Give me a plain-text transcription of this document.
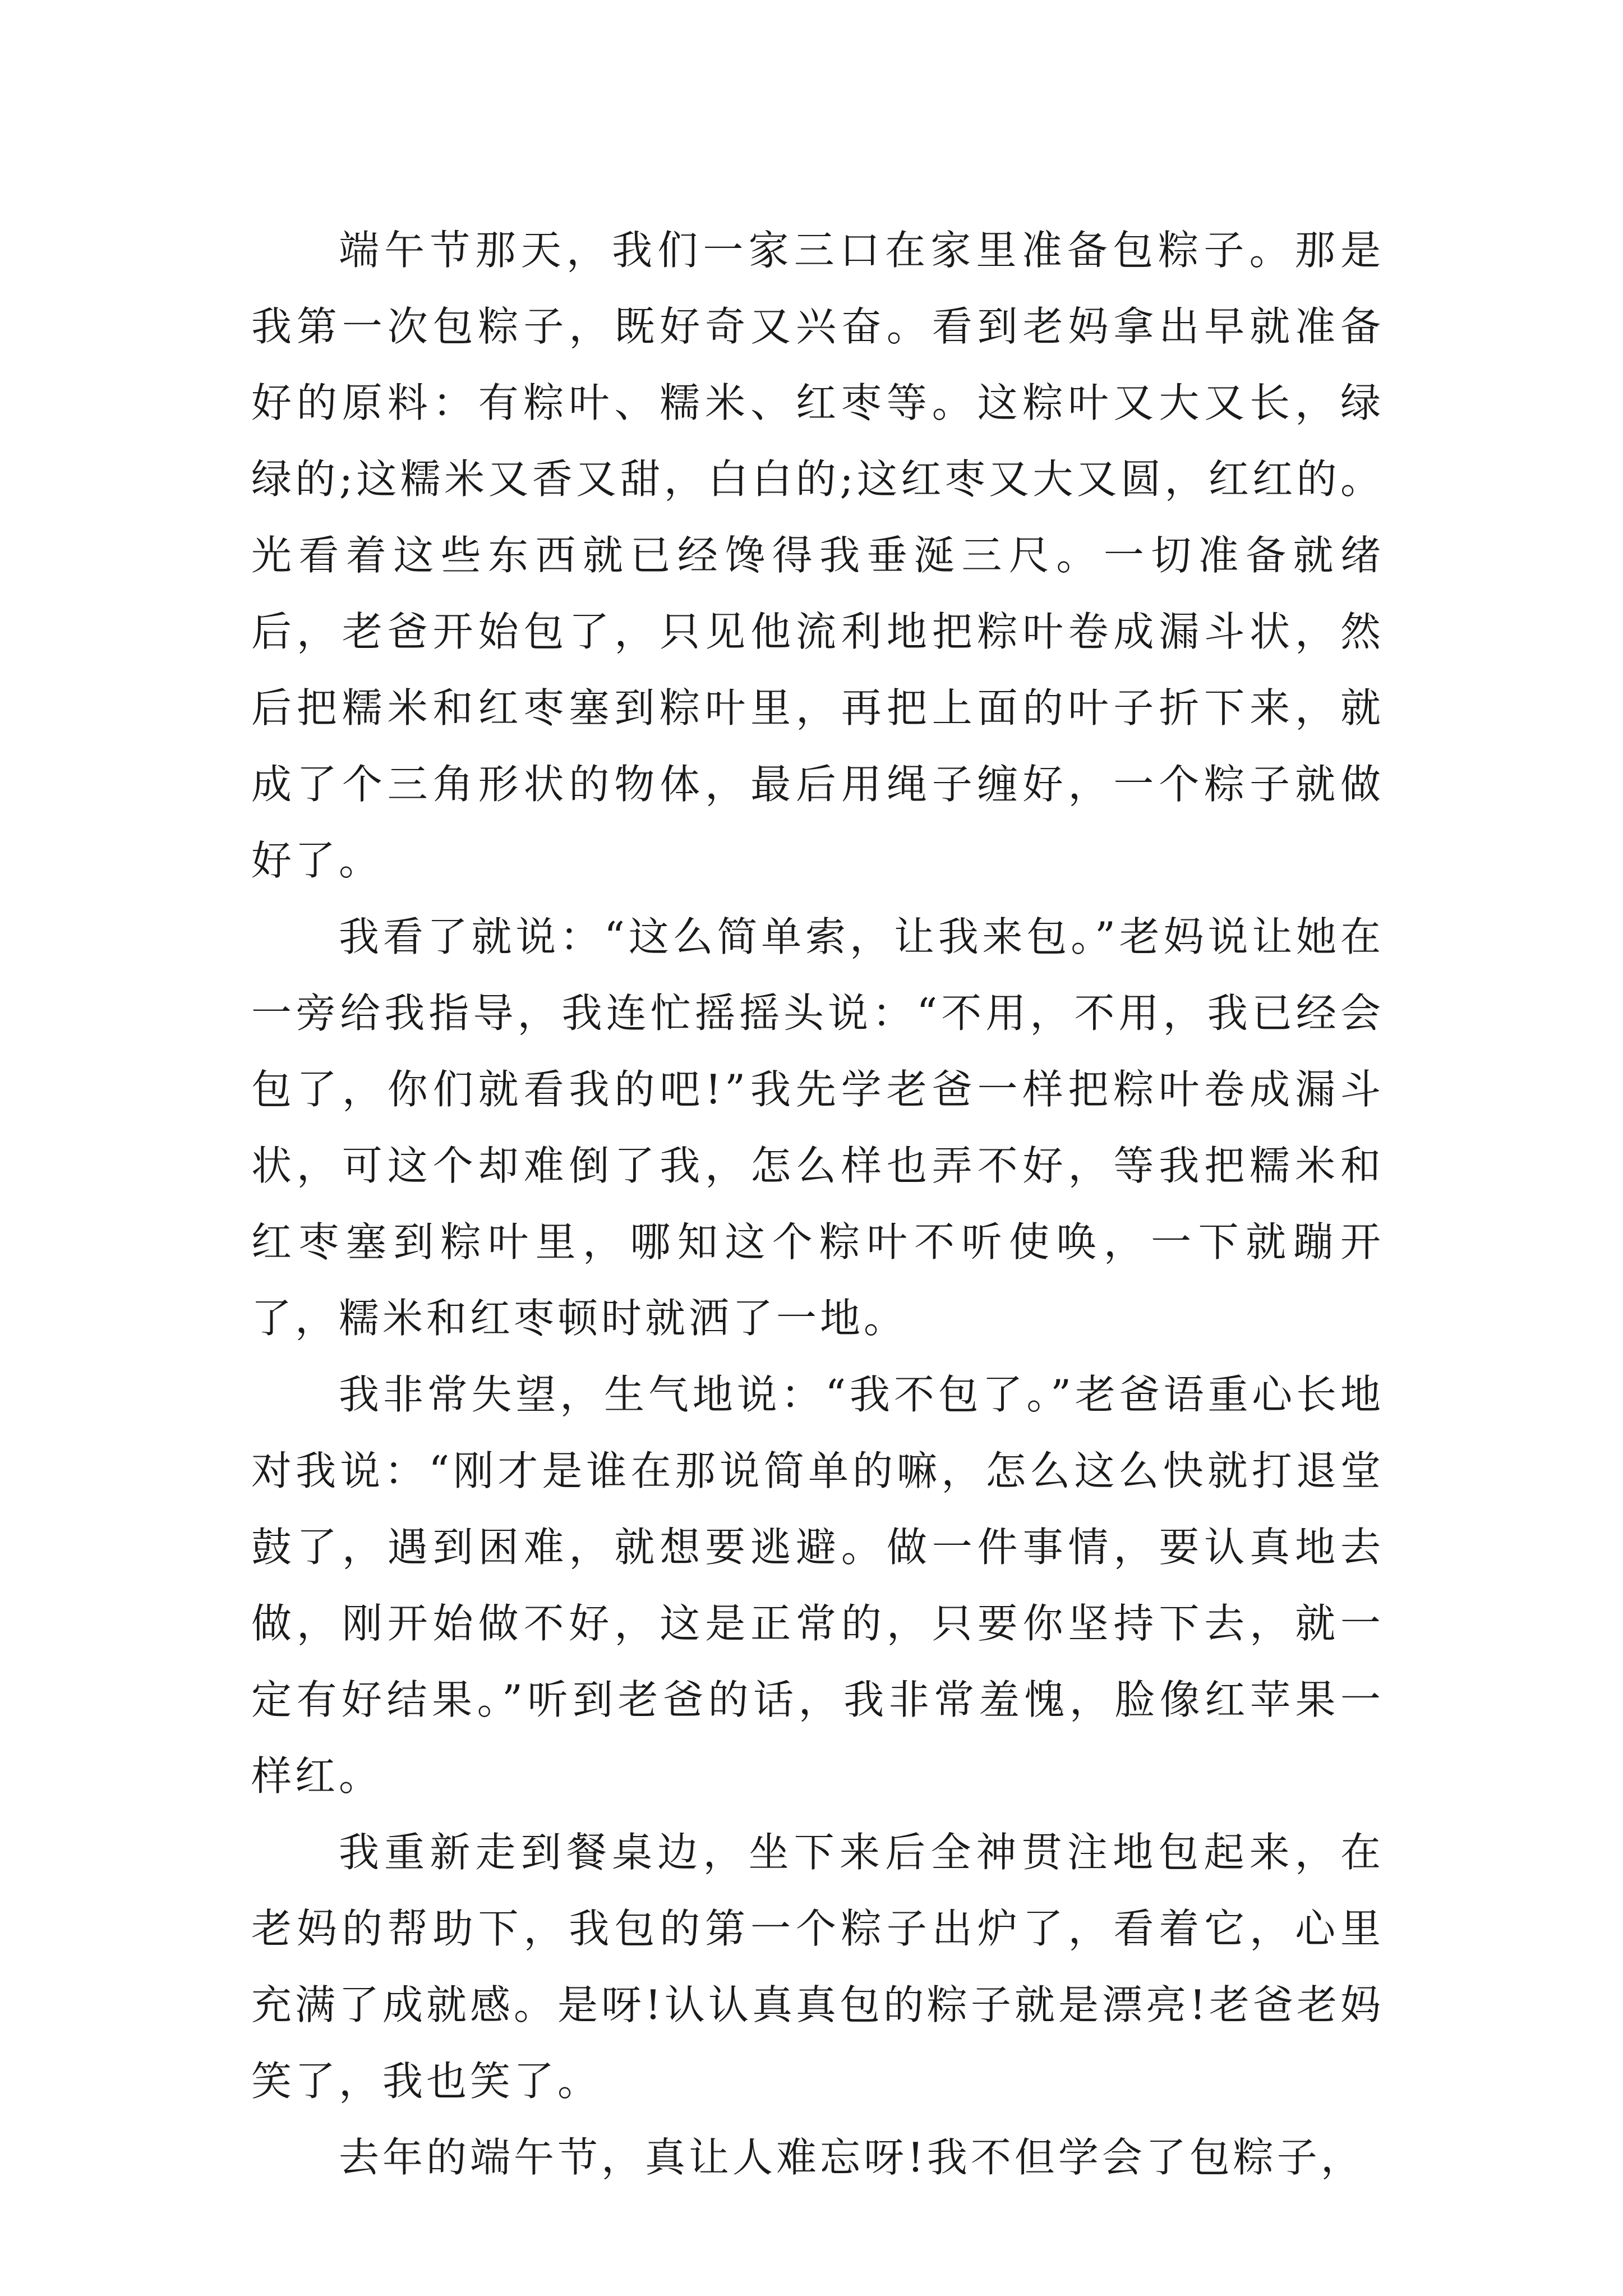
端午节那天，我们一家三口在家里准备包粽子。那是我第一次包粽子，既好奇又兴奋。看到老妈拿出早就准备好的原料：有粽叶、糯米、红枣等。这粽叶又大又长，绿绿的;这糯米又香又甜，白白的;这红枣又大又圆，红红的。光看着这些东西就已经馋得我垂涎三尺。一切准备就绪后，老爸开始包了，只见他流利地把粽叶卷成漏斗状，然后把糯米和红枣塞到粽叶里，再把上面的叶子折下来，就成了个三角形状的物体，最后用绳子缠好，一个粽子就做好了。

我看了就说：“这么简单索，让我来包。”老妈说让她在一旁给我指导，我连忙摇摇头说：“不用，不用，我已经会包了，你们就看我的吧!”我先学老爸一样把粽叶卷成漏斗状，可这个却难倒了我，怎么样也弄不好，等我把糯米和红枣塞到粽叶里，哪知这个粽叶不听使唤，一下就蹦开了，糯米和红枣顿时就洒了一地。

我非常失望，生气地说：“我不包了。”老爸语重心长地对我说：“刚才是谁在那说简单的嘛，怎么这么快就打退堂鼓了，遇到困难，就想要逃避。做一件事情，要认真地去做，刚开始做不好，这是正常的，只要你坚持下去，就一定有好结果。”听到老爸的话，我非常羞愧，脸像红苹果一样红。

我重新走到餐桌边，坐下来后全神贯注地包起来，在老妈的帮助下，我包的第一个粽子出炉了，看着它，心里充满了成就感。是呀!认认真真包的粽子就是漂亮!老爸老妈笑了，我也笑了。

去年的端午节，真让人难忘呀!我不但学会了包粽子，
